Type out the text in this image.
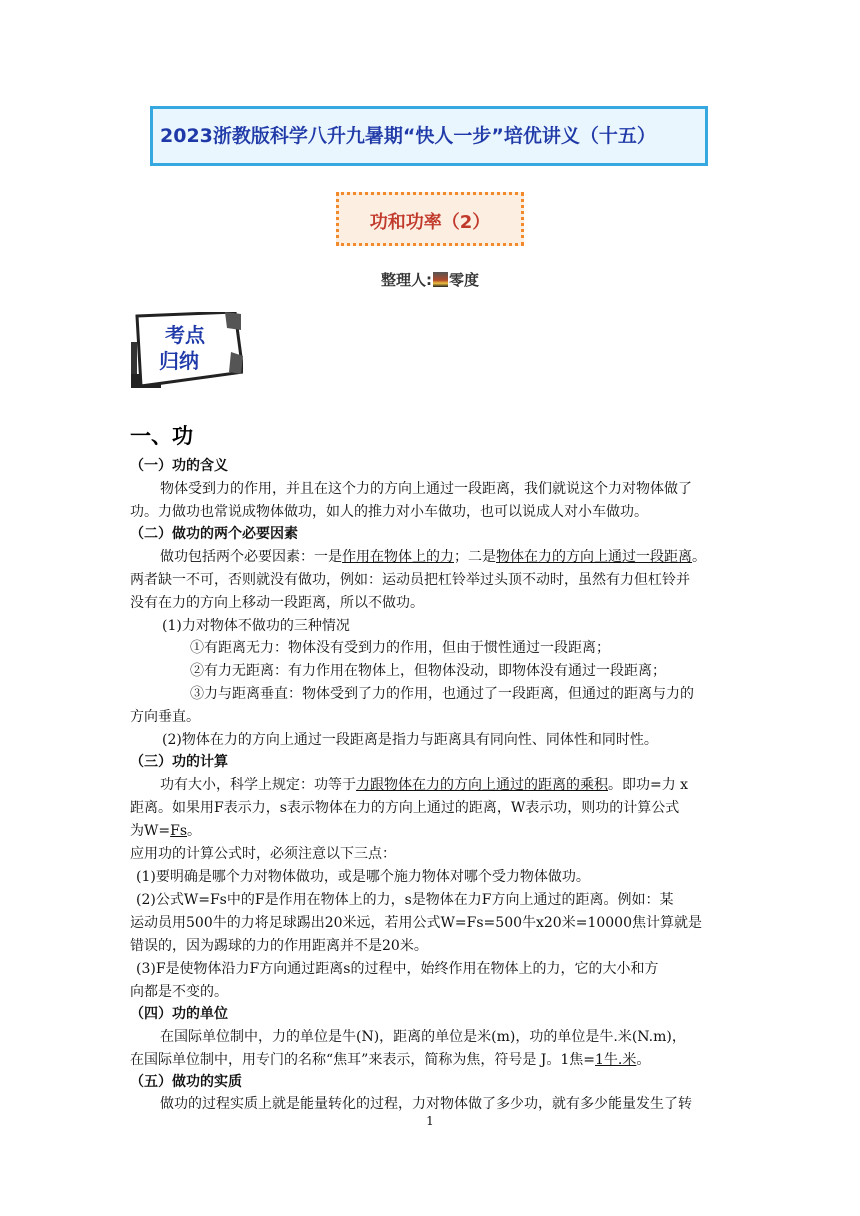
2023浙教版科学八升九暑期“快人一步”培优讲义（十五）
功和功率（2）
整理人: 零度
考点
归纳
一、功
（一）功的含义
物体受到力的作用，并且在这个力的方向上通过一段距离，我们就说这个力对物体做了
功。力做功也常说成物体做功，如人的推力对小车做功，也可以说成人对小车做功。
（二）做功的两个必要因素
做功包括两个必要因素：一是作用在物体上的力；二是物体在力的方向上通过一段距离。
两者缺一不可，否则就没有做功，例如：运动员把杠铃举过头顶不动时，虽然有力但杠铃并
没有在力的方向上移动一段距离，所以不做功。
(1)力对物体不做功的三种情况
①有距离无力：物体没有受到力的作用，但由于惯性通过一段距离；
②有力无距离：有力作用在物体上，但物体没动，即物体没有通过一段距离；
③力与距离垂直：物体受到了力的作用，也通过了一段距离，但通过的距离与力的
方向垂直。
(2)物体在力的方向上通过一段距离是指力与距离具有同向性、同体性和同时性。
（三）功的计算
功有大小，科学上规定：功等于力跟物体在力的方向上通过的距离的乘积。即功=力 x
距离。如果用F表示力，s表示物体在力的方向上通过的距离，W表示功，则功的计算公式
为W=Fs。
应用功的计算公式时，必须注意以下三点：
(1)要明确是哪个力对物体做功，或是哪个施力物体对哪个受力物体做功。
(2)公式W=Fs中的F是作用在物体上的力，s是物体在力F方向上通过的距离。例如：某
运动员用500牛的力将足球踢出20米远，若用公式W=Fs=500牛x20米=10000焦计算就是
错误的，因为踢球的力的作用距离并不是20米。
(3)F是使物体沿力F方向通过距离s的过程中，始终作用在物体上的力，它的大小和方
向都是不变的。
（四）功的单位
在国际单位制中，力的单位是牛(N)，距离的单位是米(m)，功的单位是牛.米(N.m)，
在国际单位制中，用专门的名称“焦耳”来表示，简称为焦，符号是 J。1焦=1牛.米。
（五）做功的实质
做功的过程实质上就是能量转化的过程，力对物体做了多少功，就有多少能量发生了转
1
